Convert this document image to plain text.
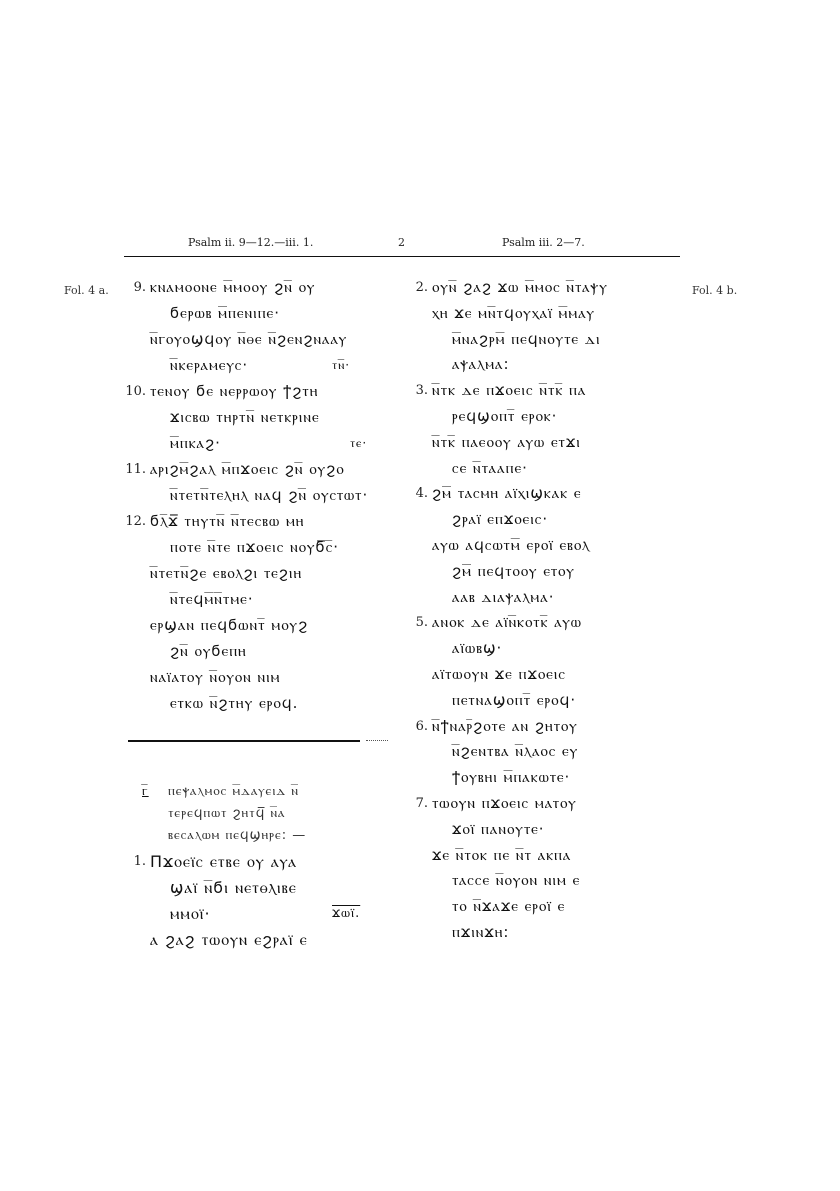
Psalm ii. 9—12.—iii. 1.	2	Psalm iii. 2—7.
Fol. 4 a.	Fol. 4 b.
9. ⲕⲛⲁⲙⲟⲟⲛⲉ ⲙ̅ⲙⲟⲟⲩ ϩⲛ̅ ⲟⲩ
ϭⲉⲣⲱⲃ ⲙ̅ⲡⲉⲛⲓⲡⲉ·
ⲛ̅ⲅⲟⲩⲟϣϥⲟⲩ ⲛ̅ⲑⲉ ⲛ̅ϩⲉⲛϩⲛⲁⲁⲩ
ⲛ̅ⲕⲉⲣⲁⲙⲉⲩⲥ·
10. ⲧⲉⲛⲟⲩ ϭⲉ ⲛⲉⲣⲣⲱⲟⲩ ϯϩⲧⲏ
ϫⲓⲥⲃⲱ ⲧⲏⲣⲧⲛ̅ ⲛⲉⲧⲕⲣⲓⲛⲉ
ⲙ̅ⲡⲕⲁϩ·
11. ⲁⲣⲓϩⲙ̅ϩⲁⲗ ⲙ̅ⲡϫⲟⲉⲓⲥ ϩⲛ̅ ⲟⲩϩⲟ
ⲛ̅ⲧⲉⲧⲛ̅ⲧⲉⲗⲏⲗ ⲛⲁϥ ϩⲛ̅ ⲟⲩⲥⲧⲱⲧ·
12. ϭⲗ̅ϫ̅ ⲧⲏⲩⲧⲛ̅ ⲛ̅ⲧⲉⲥⲃⲱ ⲙⲏ
ⲡⲟⲧⲉ ⲛ̅ⲧⲉ ⲡϫⲟⲉⲓⲥ ⲛⲟⲩϭ̅ⲥ̅·
ⲛ̅ⲧⲉⲧⲛ̅ϩⲉ ⲉⲃⲟⲗϩⲓ ⲧⲉϩⲓⲏ
ⲛ̅ⲧⲉϥⲙ̅ⲛ̅ⲧⲙⲉ·
ⲉⲣϣⲁⲛ ⲡⲉϥϭⲱⲛⲧ̅ ⲙⲟⲩϩ
ϩⲛ̅ ⲟⲩϭⲉⲡⲏ
ⲛⲁⲓ̈ⲁⲧⲟⲩ ⲛ̅ⲟⲩⲟⲛ ⲛⲓⲙ
ⲉⲧⲕⲱ ⲛ̅ϩⲧⲏⲩ ⲉⲣⲟϥ.
ⲧⲛ̅·
ⲧⲉ·
ⲅ̅ ⲡⲉⲯⲁⲗⲙⲟⲥ ⲙ̅ⲇⲁⲩⲉⲓⲇ ⲛ̅
ⲧⲉⲣⲉϥⲡⲱⲧ ϩⲏⲧϥ̅ ⲛ̅ⲁ
ⲃⲉⲥⲁⲗⲱⲙ ⲡⲉϥϣⲏⲣⲉ: —
1. Πϫⲟⲉⲓ̈ⲥ ⲉⲧⲃⲉ ⲟⲩ ⲁⲩⲁ
ϣⲁⲓ̈ ⲛ̅ϭⲓ ⲛⲉⲧⲑⲗⲓⲃⲉ
ⲙⲙⲟⲓ̈·
ⲁ ϩⲁϩ ⲧⲱⲟⲩⲛ ⲉϩⲣⲁⲓ̈ ⲉ
ϫⲱⲓ̈.
2. ⲟⲩⲛ̅ ϩⲁϩ ϫⲱ ⲙ̅ⲙⲟⲥ ⲛ̅ⲧⲁⲯⲩ
ⲭⲏ ϫⲉ ⲙⲛ̅ⲧϥⲟⲩⲭⲁⲓ̈ ⲙ̅ⲙⲁⲩ
ⲙ̅ⲛⲁϩⲣⲙ̅ ⲡⲉϥⲛⲟⲩⲧⲉ ⲇⲓ
ⲁⲯⲁⲗⲙⲁ:
3. ⲛ̅ⲧⲕ ⲇⲉ ⲡϫⲟⲉⲓⲥ ⲛ̅ⲧⲕ̅ ⲡⲁ
ⲣⲉϥϣⲟⲡⲧ̅ ⲉⲣⲟⲕ·
ⲛ̅ⲧⲕ̅ ⲡⲁⲉⲟⲟⲩ ⲁⲩⲱ ⲉⲧϫⲓ
ⲥⲉ ⲛ̅ⲧⲁⲁⲡⲉ·
4. ϩⲙ̅ ⲧⲁⲥⲙⲏ ⲁⲓ̈ⲭⲓϣⲕⲁⲕ ⲉ
ϩⲣⲁⲓ̈ ⲉⲡϫⲟⲉⲓⲥ·
ⲁⲩⲱ ⲁϥⲥⲱⲧⲙ̅ ⲉⲣⲟⲓ̈ ⲉⲃⲟⲗ
ϩⲙ̅ ⲡⲉϥⲧⲟⲟⲩ ⲉⲧⲟⲩ
ⲁⲁⲃ ⲇⲓⲁⲯⲁⲗⲙⲁ·
5. ⲁⲛⲟⲕ ⲇⲉ ⲁⲓ̈ⲛ̅ⲕⲟⲧⲕ̅ ⲁⲩⲱ
ⲁⲓ̈ⲱⲃϣ·
ⲁⲓ̈ⲧⲱⲟⲩⲛ ϫⲉ ⲡϫⲟⲉⲓⲥ
ⲡⲉⲧⲛⲁϣⲟⲡⲧ̅ ⲉⲣⲟϥ·
6. ⲛ̅ϯⲛⲁⲣ̅ϩⲟⲧⲉ ⲁⲛ ϩⲏⲧⲟⲩ
ⲛ̅ϩⲉⲛⲧⲃⲁ ⲛ̅ⲗⲁⲟⲥ ⲉⲩ
ϯⲟⲩⲃⲏⲓ ⲙ̅ⲡⲁⲕⲱⲧⲉ·
7. ⲧⲱⲟⲩⲛ ⲡϫⲟⲉⲓⲥ ⲙⲁⲧⲟⲩ
ϫⲟⲓ̈ ⲡⲁⲛⲟⲩⲧⲉ·
ϫⲉ ⲛ̅ⲧⲟⲕ ⲡⲉ ⲛ̅ⲧ ⲁⲕⲡⲁ
ⲧⲁⲥⲥⲉ ⲛ̅ⲟⲩⲟⲛ ⲛⲓⲙ ⲉ
ⲧⲟ ⲛ̅ϫⲁϫⲉ ⲉⲣⲟⲓ̈ ⲉ
ⲡϫⲓⲛϫⲏ:
